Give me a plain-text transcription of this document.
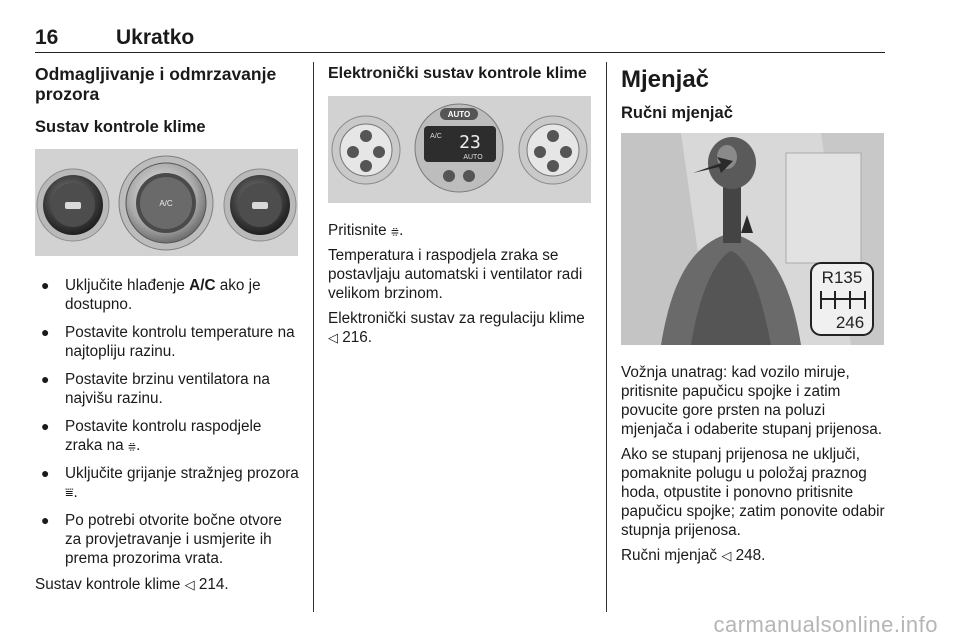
16	Ukratko
Odmagljivanje i odmrzavanje prozora
Sustav kontrole klime
A/C
● Uključite hlađenje A/C ako je dostupno.
● Postavite kontrolu temperature na najtopliju razinu.
● Postavite brzinu ventilatora na najvišu razinu.
● Postavite kontrolu raspodjele zraka na ⩷.
● Uključite grijanje stražnjeg prozora ⩸.
● Po potrebi otvorite bočne otvore za provjetravanje i usmjerite ih prema prozorima vrata.
Sustav kontrole klime ◁ 214.
Elektronički sustav kontrole klime
AUTO
A/C 23
AUTO
Pritisnite ⩷.
Temperatura i raspodjela zraka se postavljaju automatski i ventilator radi velikom brzinom.
Elektronički sustav za regulaciju klime ◁ 216.
Mjenjač
Ručni mjenjač
R135
246
Vožnja unatrag: kad vozilo miruje, pritisnite papučicu spojke i zatim povucite gore prsten na poluzi mjenjača i odaberite stupanj prijenosa.
Ako se stupanj prijenosa ne uključi, pomaknite polugu u položaj praznog hoda, otpustite i ponovno pritisnite papučicu spojke; zatim ponovite odabir stupnja prijenosa.
Ručni mjenjač ◁ 248.
carmanualsonline.info
